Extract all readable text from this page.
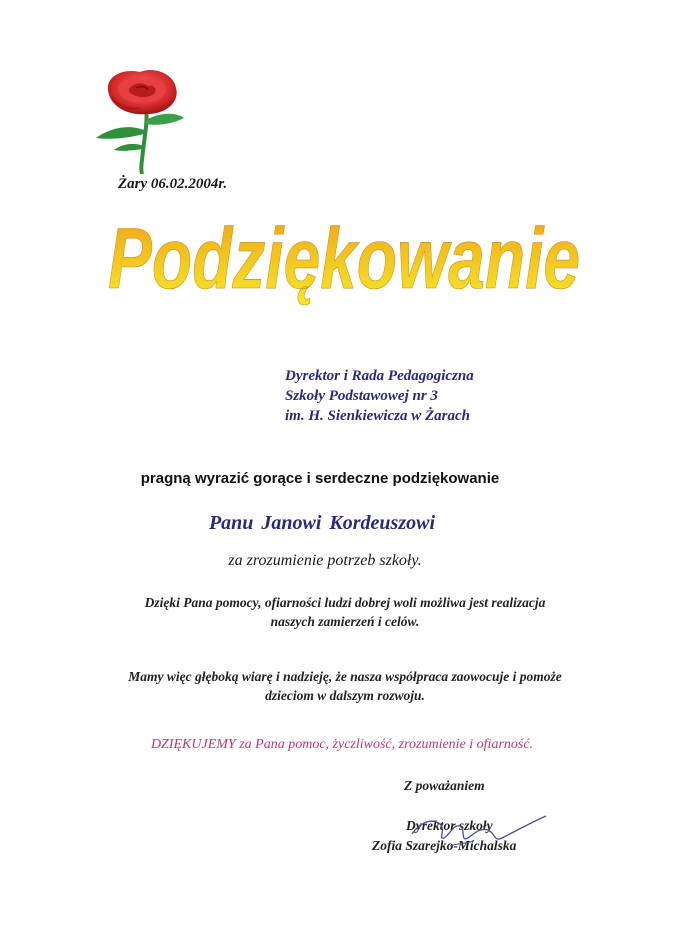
Żary 06.02.2004r.
Podziękowanie
Dyrektor i Rada Pedagogiczna
Szkoły Podstawowej nr 3
im. H. Sienkiewicza w Żarach
pragną wyrazić gorące i serdeczne podziękowanie
Panu Janowi Kordeuszowi
za zrozumienie potrzeb szkoły.
Dzięki Pana pomocy, ofiarności ludzi dobrej woli możliwa jest realizacja
naszych zamierzeń i celów.
Mamy więc głęboką wiarę i nadzieję, że nasza współpraca zaowocuje i pomoże
dzieciom w dalszym rozwoju.
DZIĘKUJEMY za Pana pomoc, życzliwość, zrozumienie i ofiarność.
Z poważaniem
Dyrektor szkoły
Zofia Szarejko-Michalska
